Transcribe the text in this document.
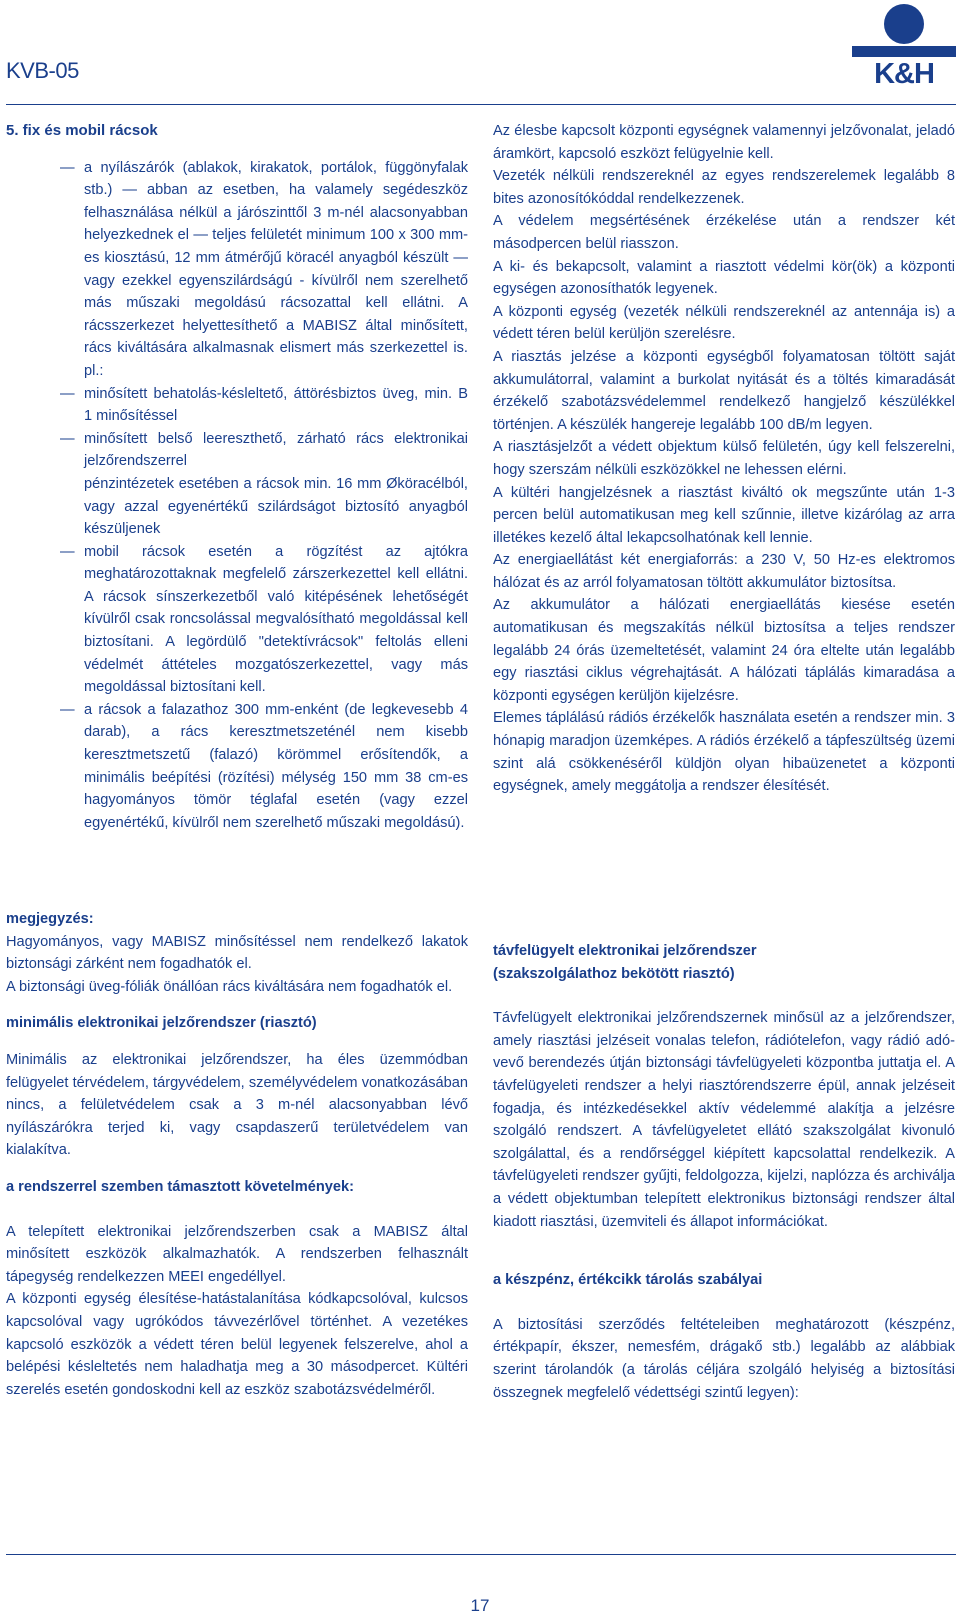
KVB-05	K&H
5. fix és mobil rácsok
— a nyílászárók (ablakok, kirakatok, portálok, függönyfalak stb.) — abban az esetben, ha valamely segédeszköz felhasználása nélkül a járószinttől 3 m-nél alacsonyabban helyezkednek el — teljes felületét minimum 100 x 300 mm-es kiosztású, 12 mm átmérőjű köracél anyagból készült — vagy ezekkel egyenszilárdságú - kívülről nem szerelhető más műszaki megoldású rácsozattal kell ellátni. A rácsszerkezet helyettesíthető a MABISZ által minősített, rács kiváltására alkalmasnak elismert más szerkezettel is. pl.:
— minősített behatolás-késleltető, áttörésbiztos üveg, min. B 1 minősítéssel
— minősített belső leereszthető, zárható rács elektronikai jelzőrendszerrel
pénzintézetek esetében a rácsok min. 16 mm Øköracélból, vagy azzal egyenértékű szilárdságot biztosító anyagból készüljenek
— mobil rácsok esetén a rögzítést az ajtókra meghatározottaknak megfelelő zárszerkezettel kell ellátni. A rácsok sínszerkezetből való kitépésének lehetőségét kívülről csak roncsolással megvalósítható megoldással kell biztosítani. A legördülő "detektívrácsok" feltolás elleni védelmét áttételes mozgatószerkezettel, vagy más megoldással biztosítani kell.
— a rácsok a falazathoz 300 mm-enként (de legkevesebb 4 darab), a rács keresztmetszeténél nem kisebb keresztmetszetű (falazó) körömmel erősítendők, a minimális beépítési (rözítési) mélység 150 mm 38 cm-es hagyományos tömör téglafal esetén (vagy ezzel egyenértékű, kívülről nem szerelhető műszaki megoldású).
megjegyzés:

Hagyományos, vagy MABISZ minősítéssel nem rendelkező lakatok biztonsági zárként nem fogadhatók el.

A biztonsági üveg-fóliák önállóan rács kiváltására nem fogadhatók el.

minimális elektronikai jelzőrendszer (riasztó)

Minimális az elektronikai jelzőrendszer, ha éles üzemmódban felügyelet térvédelem, tárgyvédelem, személyvédelem vonatkozásában nincs, a felületvédelem csak a 3 m-nél alacsonyabban lévő nyílászárókra terjed ki, vagy csapdaszerű területvédelem van kialakítva.

a rendszerrel szemben támasztott követelmények:

A telepített elektronikai jelzőrendszerben csak a MABISZ által minősített eszközök alkalmazhatók. A rendszerben felhasznált tápegység rendelkezzen MEEI engedéllyel.

A központi egység élesítése-hatástalanítása kódkapcsolóval, kulcsos kapcsolóval vagy ugrókódos távvezérlővel történhet. A vezetékes kapcsoló eszközök a védett téren belül legyenek felszerelve, ahol a belépési késleltetés nem haladhatja meg a 30 másodpercet. Kültéri szerelés esetén gondoskodni kell az eszköz szabotázsvédelméről.

Az élesbe kapcsolt központi egységnek valamennyi jelzővonalat, jeladó áramkört, kapcsoló eszközt felügyelnie kell.

Vezeték nélküli rendszereknél az egyes rendszerelemek legalább 8 bites azonosítókóddal rendelkezzenek.

A védelem megsértésének érzékelése után a rendszer két másodpercen belül riasszon.

A ki- és bekapcsolt, valamint a riasztott védelmi kör(ök) a központi egységen azonosíthatók legyenek.

A központi egység (vezeték nélküli rendszereknél az antennája is) a védett téren belül kerüljön szerelésre.

A riasztás jelzése a központi egységből folyamatosan töltött saját akkumulátorral, valamint a burkolat nyitását és a töltés kimaradását érzékelő szabotázsvédelemmel rendelkező hangjelző készülékkel történjen. A készülék hangereje legalább 100 dB/m legyen.

A riasztásjelzőt a védett objektum külső felületén, úgy kell felszerelni, hogy szerszám nélküli eszközökkel ne lehessen elérni.

A kültéri hangjelzésnek a riasztást kiváltó ok megszűnte után 1-3 percen belül automatikusan meg kell szűnnie, illetve kizárólag az arra illetékes kezelő által lekapcsolhatónak kell lennie.

Az energiaellátást két energiaforrás: a 230 V, 50 Hz-es elektromos hálózat és az arról folyamatosan töltött akkumulátor biztosítsa.

Az akkumulátor a hálózati energiaellátás kiesése esetén automatikusan és megszakítás nélkül biztosítsa a teljes rendszer legalább 24 órás üzemeltetését, valamint 24 óra eltelte után legalább egy riasztási ciklus végrehajtását. A hálózati táplálás kimaradása a központi egységen kerüljön kijelzésre.

Elemes táplálású rádiós érzékelők használata esetén a rendszer min. 3 hónapig maradjon üzemképes. A rádiós érzékelő a tápfeszültség üzemi szint alá csökkenéséről küldjön olyan hibaüzenetet a központi egységnek, amely meggátolja a rendszer élesítését.

távfelügyelt elektronikai jelzőrendszer
(szakszolgálathoz bekötött riasztó)

Távfelügyelt elektronikai jelzőrendszernek minősül az a jelzőrendszer, amely riasztási jelzéseit vonalas telefon, rádiótelefon, vagy rádió adó-vevő berendezés útján biztonsági távfelügyeleti központba juttatja el. A távfelügyeleti rendszer a helyi riasztórendszerre épül, annak jelzéseit fogadja, és intézkedésekkel aktív védelemmé alakítja a jelzésre szolgáló rendszert. A távfelügyeletet ellátó szakszolgálat kivonuló szolgálattal, és a rendőrséggel kiépített kapcsolattal rendelkezik. A távfelügyeleti rendszer gyűjti, feldolgozza, kijelzi, naplózza és archiválja a védett objektumban telepített elektronikus biztonsági rendszer által kiadott riasztási, üzemviteli és állapot információkat.

a készpénz, értékcikk tárolás szabályai

A biztosítási szerződés feltételeiben meghatározott (készpénz, értékpapír, ékszer, nemesfém, drágakő stb.) legalább az alábbiak szerint tárolandók (a tárolás céljára szolgáló helyiség a biztosítási összegnek megfelelő védettségi szintű legyen):

17
